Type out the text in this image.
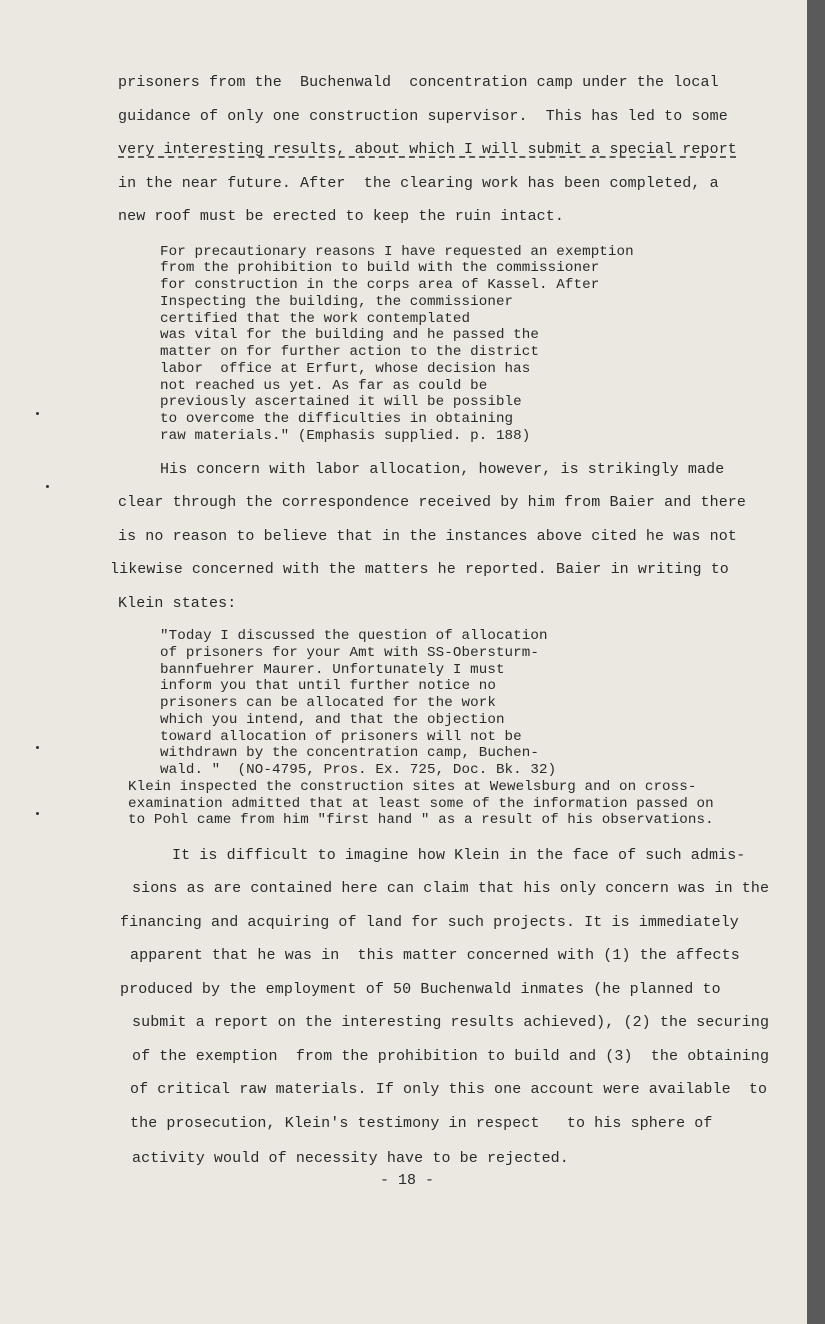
prisoners from the  Buchenwald  concentration camp under the local
guidance of only one construction supervisor.  This has led to some
very interesting results, about which I will submit a special report
in the near future. After  the clearing work has been completed, a
new roof must be erected to keep the ruin intact.
For precautionary reasons I have requested an exemption
from the prohibition to build with the commissioner
for construction in the corps area of Kassel. After
Inspecting the building, the commissioner
certified that the work contemplated
was vital for the building and he passed the
matter on for further action to the district
labor  office at Erfurt, whose decision has
not reached us yet. As far as could be
previously ascertained it will be possible
to overcome the difficulties in obtaining
raw materials." (Emphasis supplied. p. 188)
His concern with labor allocation, however, is strikingly made
clear through the correspondence received by him from Baier and there
is no reason to believe that in the instances above cited he was not
likewise concerned with the matters he reported. Baier in writing to
Klein states:
"Today I discussed the question of allocation
of prisoners for your Amt with SS-Obersturm-
bannfuehrer Maurer. Unfortunately I must
inform you that until further notice no
prisoners can be allocated for the work
which you intend, and that the objection
toward allocation of prisoners will not be
withdrawn by the concentration camp, Buchen-
wald. "  (NO-4795, Pros. Ex. 725, Doc. Bk. 32)
Klein inspected the construction sites at Wewelsburg and on cross-
examination admitted that at least some of the information passed on
to Pohl came from him "first hand " as a result of his observations.
It is difficult to imagine how Klein in the face of such admis-
sions as are contained here can claim that his only concern was in the
financing and acquiring of land for such projects. It is immediately
apparent that he was in  this matter concerned with (1) the affects
produced by the employment of 50 Buchenwald inmates (he planned to
submit a report on the interesting results achieved), (2) the securing
of the exemption  from the prohibition to build and (3)  the obtaining
of critical raw materials. If only this one account were available  to
the prosecution, Klein's testimony in respect   to his sphere of
activity would of necessity have to be rejected.
- 18 -
